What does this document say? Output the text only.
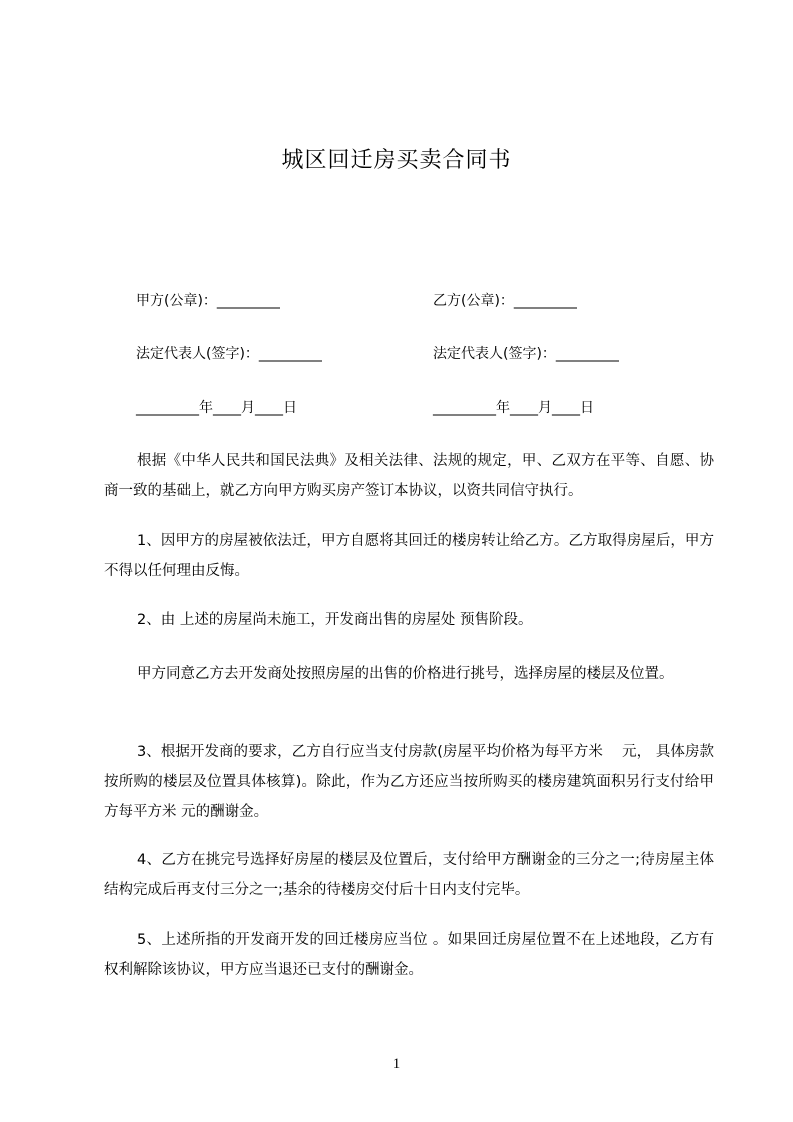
城区回迁房买卖合同书
甲方(公章)：_________	乙方(公章)：_________
法定代表人(签字)：_________	法定代表人(签字)：_________
_________年____月____日	_________年____月____日
根据《中华人民共和国民法典》及相关法律、法规的规定，甲、乙双方在平等、自愿、协商一致的基础上，就乙方向甲方购买房产签订本协议，以资共同信守执行。
1、因甲方的房屋被依法迁，甲方自愿将其回迁的楼房转让给乙方。乙方取得房屋后，甲方不得以任何理由反悔。
2、由 上述的房屋尚未施工，开发商出售的房屋处 预售阶段。
甲方同意乙方去开发商处按照房屋的出售的价格进行挑号，选择房屋的楼层及位置。
3、根据开发商的要求，乙方自行应当支付房款(房屋平均价格为每平方米　 元， 具体房款按所购的楼层及位置具体核算)。除此，作为乙方还应当按所购买的楼房建筑面积另行支付给甲方每平方米 元的酬谢金。
4、乙方在挑完号选择好房屋的楼层及位置后，支付给甲方酬谢金的三分之一;待房屋主体结构完成后再支付三分之一;基余的待楼房交付后十日内支付完毕。
5、上述所指的开发商开发的回迁楼房应当位 。如果回迁房屋位置不在上述地段，乙方有权利解除该协议，甲方应当退还已支付的酬谢金。
1
